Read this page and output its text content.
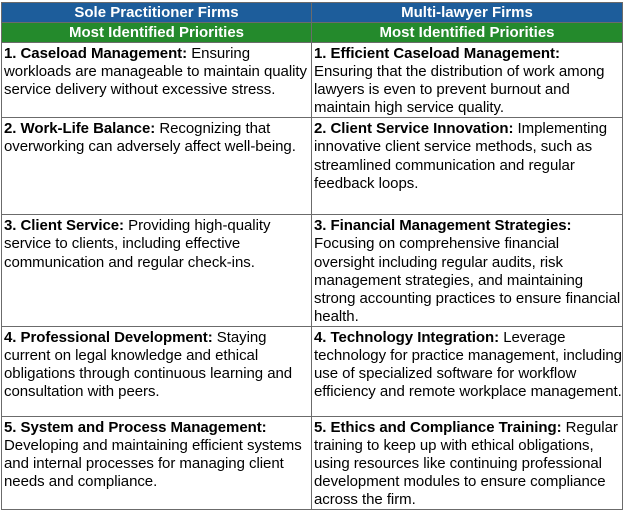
Sole Practitioner Firms	Multi-lawyer Firms
Most Identified Priorities	Most Identified Priorities
1. Caseload Management: Ensuring workloads are manageable to maintain quality service delivery without excessive stress.	1. Efficient Caseload Management: Ensuring that the distribution of work among lawyers is even to prevent burnout and maintain high service quality.
2. Work-Life Balance: Recognizing that overworking can adversely affect well-being.	2. Client Service Innovation: Implementing innovative client service methods, such as streamlined communication and regular feedback loops.
3. Client Service: Providing high-quality service to clients, including effective communication and regular check-ins.	3. Financial Management Strategies: Focusing on comprehensive financial oversight including regular audits, risk management strategies, and maintaining strong accounting practices to ensure financial health.
4. Professional Development: Staying current on legal knowledge and ethical obligations through continuous learning and consultation with peers.	4. Technology Integration: Leverage technology for practice management, including use of specialized software for workflow efficiency and remote workplace management.
5. System and Process Management: Developing and maintaining efficient systems and internal processes for managing client needs and compliance.	5. Ethics and Compliance Training: Regular training to keep up with ethical obligations, using resources like continuing professional development modules to ensure compliance across the firm.
